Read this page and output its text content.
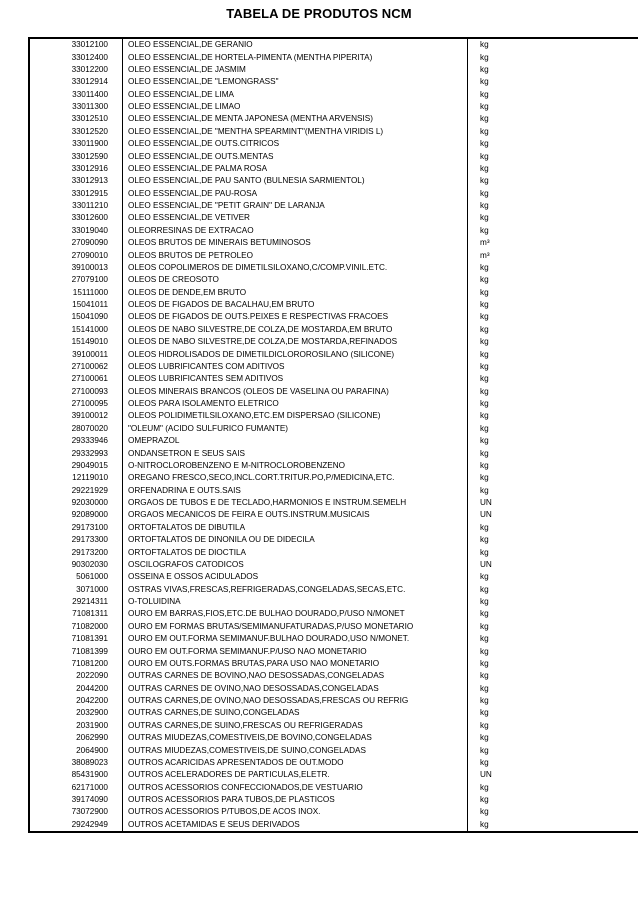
TABELA DE PRODUTOS NCM
33012100	OLEO ESSENCIAL,DE GERANIO	kg
33012400	OLEO ESSENCIAL,DE HORTELA-PIMENTA (MENTHA PIPERITA)	kg
33012200	OLEO ESSENCIAL,DE JASMIM	kg
33012914	OLEO ESSENCIAL,DE "LEMONGRASS"	kg
33011400	OLEO ESSENCIAL,DE LIMA	kg
33011300	OLEO ESSENCIAL,DE LIMAO	kg
33012510	OLEO ESSENCIAL,DE MENTA JAPONESA (MENTHA ARVENSIS)	kg
33012520	OLEO ESSENCIAL,DE "MENTHA SPEARMINT"(MENTHA VIRIDIS L)	kg
33011900	OLEO ESSENCIAL,DE OUTS.CITRICOS	kg
33012590	OLEO ESSENCIAL,DE OUTS.MENTAS	kg
33012916	OLEO ESSENCIAL,DE PALMA ROSA	kg
33012913	OLEO ESSENCIAL,DE PAU SANTO (BULNESIA SARMIENTOL)	kg
33012915	OLEO ESSENCIAL,DE PAU-ROSA	kg
33011210	OLEO ESSENCIAL,DE "PETIT GRAIN" DE LARANJA	kg
33012600	OLEO ESSENCIAL,DE VETIVER	kg
33019040	OLEORRESINAS DE EXTRACAO	kg
27090090	OLEOS BRUTOS DE MINERAIS BETUMINOSOS	m³
27090010	OLEOS BRUTOS DE PETROLEO	m³
39100013	OLEOS COPOLIMEROS DE DIMETILSILOXANO,C/COMP.VINIL.ETC.	kg
27079100	OLEOS DE CREOSOTO	kg
15111000	OLEOS DE DENDE,EM BRUTO	kg
15041011	OLEOS DE FIGADOS DE BACALHAU,EM BRUTO	kg
15041090	OLEOS DE FIGADOS DE OUTS.PEIXES E RESPECTIVAS FRACOES	kg
15141000	OLEOS DE NABO SILVESTRE,DE COLZA,DE MOSTARDA,EM BRUTO	kg
15149010	OLEOS DE NABO SILVESTRE,DE COLZA,DE MOSTARDA,REFINADOS	kg
39100011	OLEOS HIDROLISADOS DE DIMETILDICLOROROSILANO (SILICONE)	kg
27100062	OLEOS LUBRIFICANTES COM ADITIVOS	kg
27100061	OLEOS LUBRIFICANTES SEM ADITIVOS	kg
27100093	OLEOS MINERAIS BRANCOS (OLEOS DE VASELINA OU PARAFINA)	kg
27100095	OLEOS PARA ISOLAMENTO ELETRICO	kg
39100012	OLEOS POLIDIMETILSILOXANO,ETC.EM DISPERSAO (SILICONE)	kg
28070020	"OLEUM" (ACIDO SULFURICO FUMANTE)	kg
29333946	OMEPRAZOL	kg
29332993	ONDANSETRON E SEUS SAIS	kg
29049015	O-NITROCLOROBENZENO E M-NITROCLOROBENZENO	kg
12119010	OREGANO FRESCO,SECO,INCL.CORT.TRITUR.PO,P/MEDICINA,ETC.	kg
29221929	ORFENADRINA E OUTS.SAIS	kg
92030000	ORGAOS DE TUBOS E DE TECLADO,HARMONIOS E INSTRUM.SEMELH	UN
92089000	ORGAOS MECANICOS DE FEIRA E OUTS.INSTRUM.MUSICAIS	UN
29173100	ORTOFTALATOS DE DIBUTILA	kg
29173300	ORTOFTALATOS DE DINONILA OU DE DIDECILA	kg
29173200	ORTOFTALATOS DE DIOCTILA	kg
90302030	OSCILOGRAFOS CATODICOS	UN
5061000	OSSEINA E OSSOS ACIDULADOS	kg
3071000	OSTRAS VIVAS,FRESCAS,REFRIGERADAS,CONGELADAS,SECAS,ETC.	kg
29214311	O-TOLUIDINA	kg
71081311	OURO EM BARRAS,FIOS,ETC.DE BULHAO DOURADO,P/USO N/MONET	kg
71082000	OURO EM FORMAS BRUTAS/SEMIMANUFATURADAS,P/USO MONETARIO	kg
71081391	OURO EM OUT.FORMA SEMIMANUF.BULHAO DOURADO,USO N/MONET.	kg
71081399	OURO EM OUT.FORMA SEMIMANUF.P/USO NAO MONETARIO	kg
71081200	OURO EM OUTS.FORMAS BRUTAS,PARA USO NAO MONETARIO	kg
2022090	OUTRAS CARNES DE BOVINO,NAO DESOSSADAS,CONGELADAS	kg
2044200	OUTRAS CARNES DE OVINO,NAO DESOSSADAS,CONGELADAS	kg
2042200	OUTRAS CARNES,DE OVINO,NAO DESOSSADAS,FRESCAS OU REFRIG	kg
2032900	OUTRAS CARNES,DE SUINO,CONGELADAS	kg
2031900	OUTRAS CARNES,DE SUINO,FRESCAS OU REFRIGERADAS	kg
2062990	OUTRAS MIUDEZAS,COMESTIVEIS,DE BOVINO,CONGELADAS	kg
2064900	OUTRAS MIUDEZAS,COMESTIVEIS,DE SUINO,CONGELADAS	kg
38089023	OUTROS ACARICIDAS APRESENTADOS DE OUT.MODO	kg
85431900	OUTROS ACELERADORES DE PARTICULAS,ELETR.	UN
62171000	OUTROS ACESSORIOS CONFECCIONADOS,DE VESTUARIO	kg
39174090	OUTROS ACESSORIOS PARA TUBOS,DE PLASTICOS	kg
73072900	OUTROS ACESSORIOS P/TUBOS,DE ACOS INOX.	kg
29242949	OUTROS ACETAMIDAS E SEUS DERIVADOS	kg
